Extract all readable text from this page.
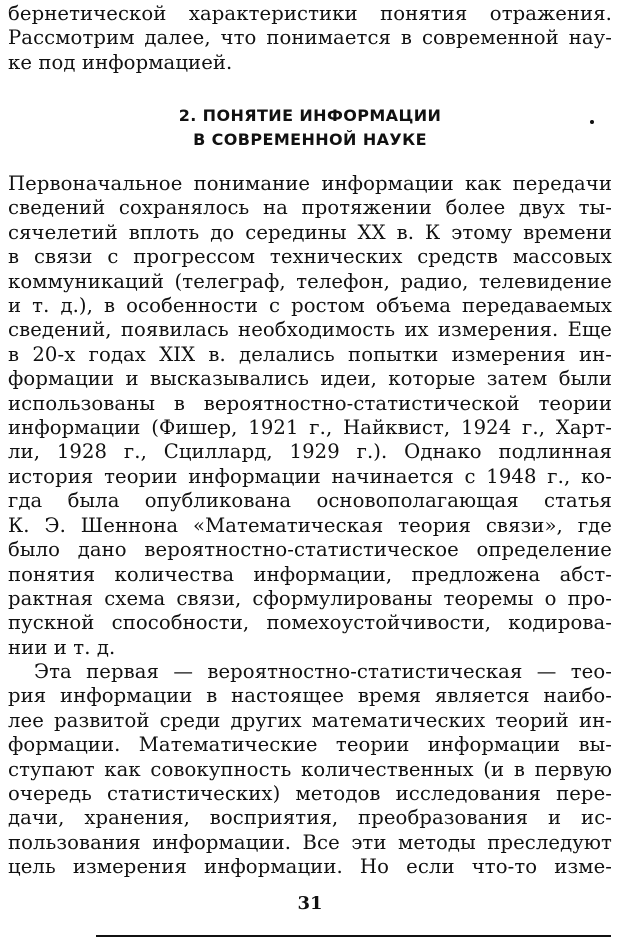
бернетической характеристики понятия отражения.
Рассмотрим далее, что понимается в современной нау-
ке под информацией.
2. ПОНЯТИЕ ИНФОРМАЦИИ
В СОВРЕМЕННОЙ НАУКЕ
Первоначальное понимание информации как передачи
сведений сохранялось на протяжении более двух ты-
сячелетий вплоть до середины XX в. К этому времени
в связи с прогрессом технических средств массовых
коммуникаций (телеграф, телефон, радио, телевидение
и т. д.), в особенности с ростом объема передаваемых
сведений, появилась необходимость их измерения. Еще
в 20-х годах XIX в. делались попытки измерения ин-
формации и высказывались идеи, которые затем были
использованы в вероятностно-статистической теории
информации (Фишер, 1921 г., Найквист, 1924 г., Харт-
ли, 1928 г., Сциллард, 1929 г.). Однако подлинная
история теории информации начинается с 1948 г., ко-
гда была опубликована основополагающая статья
К. Э. Шеннона «Математическая теория связи», где
было дано вероятностно-статистическое определение
понятия количества информации, предложена абст-
рактная схема связи, сформулированы теоремы о про-
пускной способности, помехоустойчивости, кодирова-
нии и т. д.
Эта первая — вероятностно-статистическая — тео-
рия информации в настоящее время является наибо-
лее развитой среди других математических теорий ин-
формации. Математические теории информации вы-
ступают как совокупность количественных (и в первую
очередь статистических) методов исследования пере-
дачи, хранения, восприятия, преобразования и ис-
пользования информации. Все эти методы преследуют
цель измерения информации. Но если что-то изме-
31
